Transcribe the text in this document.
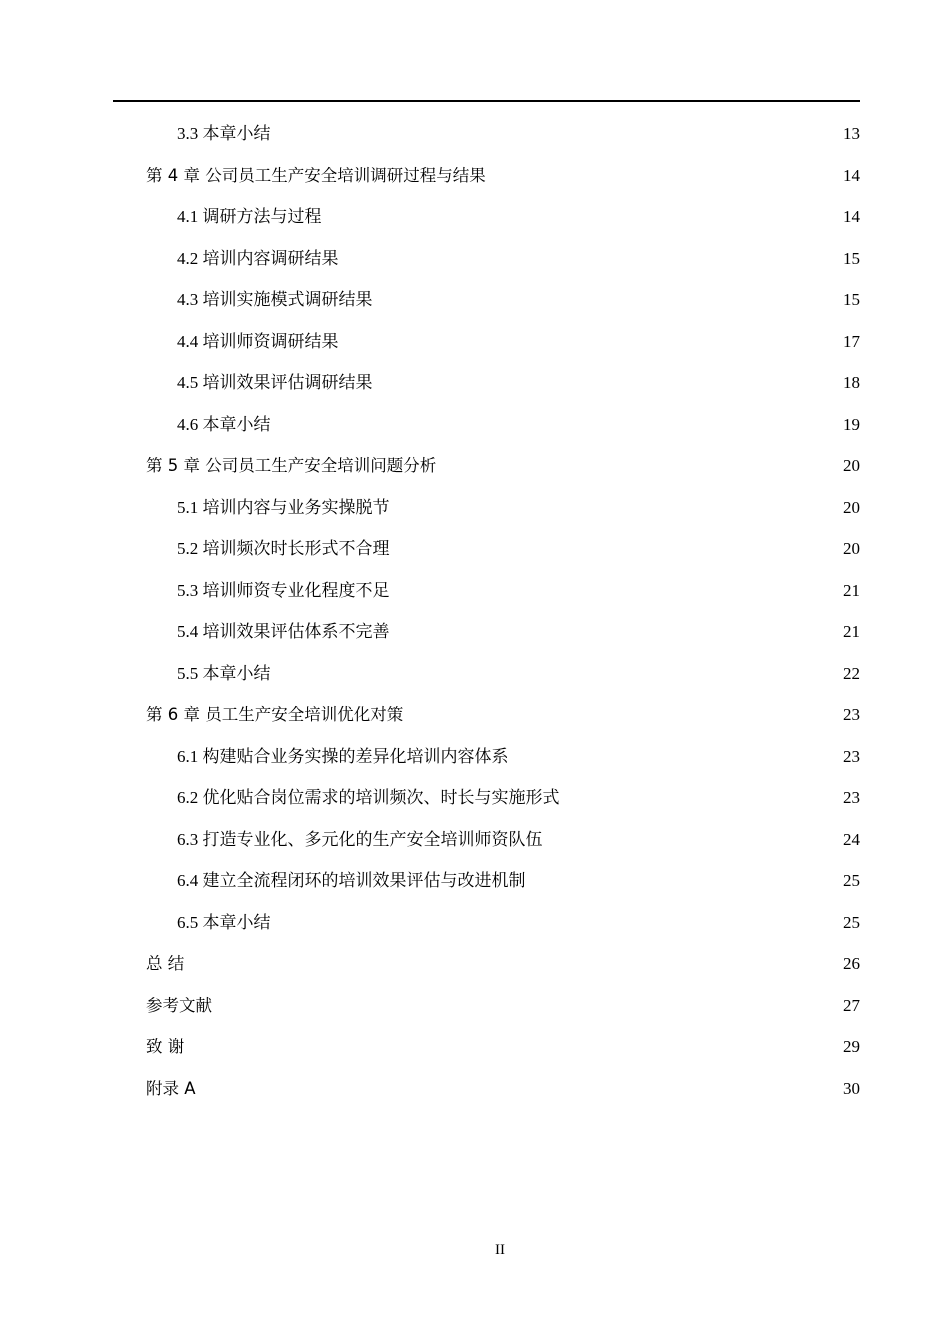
3.3 本章小结	13
第 4 章 公司员工生产安全培训调研过程与结果	14
4.1 调研方法与过程	14
4.2 培训内容调研结果	15
4.3 培训实施模式调研结果	15
4.4 培训师资调研结果	17
4.5 培训效果评估调研结果	18
4.6 本章小结	19
第 5 章 公司员工生产安全培训问题分析	20
5.1 培训内容与业务实操脱节	20
5.2 培训频次时长形式不合理	20
5.3 培训师资专业化程度不足	21
5.4 培训效果评估体系不完善	21
5.5 本章小结	22
第 6 章 员工生产安全培训优化对策	23
6.1 构建贴合业务实操的差异化培训内容体系	23
6.2 优化贴合岗位需求的培训频次、时长与实施形式	23
6.3 打造专业化、多元化的生产安全培训师资队伍	24
6.4 建立全流程闭环的培训效果评估与改进机制	25
6.5 本章小结	25
总 结	26
参考文献	27
致 谢	29
附录 A	30
II
